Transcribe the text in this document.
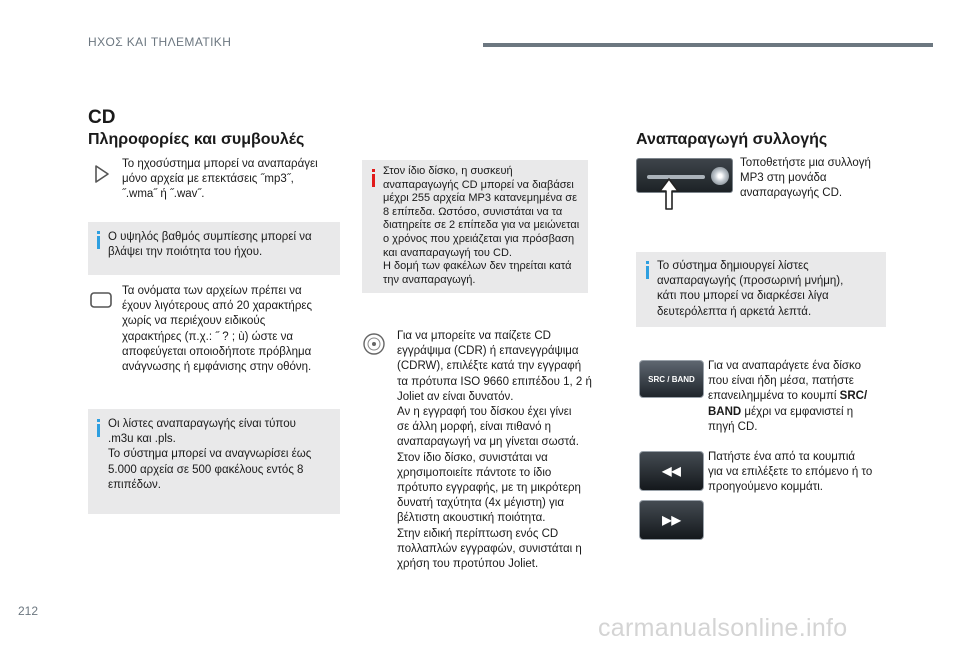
ΗΧΟΣ ΚΑΙ ΤΗΛΕΜΑΤΙΚΗ
212
CD
Πληροφορίες και συμβουλές
Το ηχοσύστημα μπορεί να αναπαράγει
μόνο αρχεία με επεκτάσεις ˝mp3˝,
˝.wma˝ ή ˝.wav˝.
Ο υψηλός βαθμός συμπίεσης μπορεί να
βλάψει την ποιότητα του ήχου.
Τα ονόματα των αρχείων πρέπει να
έχουν λιγότερους από 20 χαρακτήρες
χωρίς να περιέχουν ειδικούς
χαρακτήρες (π.χ.: ˝ ? ; ù) ώστε να
αποφεύγεται οποιοδήποτε πρόβλημα
ανάγνωσης ή εμφάνισης στην οθόνη.
Οι λίστες αναπαραγωγής είναι τύπου
.m3u και .pls.
Το σύστημα μπορεί να αναγνωρίσει έως
5.000 αρχεία σε 500 φακέλους εντός 8
επιπέδων.
Στον ίδιο δίσκο, η συσκευή
αναπαραγωγής CD μπορεί να διαβάσει
μέχρι 255 αρχεία MP3 κατανεμημένα σε
8 επίπεδα. Ωστόσο, συνιστάται να τα
διατηρείτε σε 2 επίπεδα για να μειώνεται
ο χρόνος που χρειάζεται για πρόσβαση
και αναπαραγωγή του CD.
Η δομή των φακέλων δεν τηρείται κατά
την αναπαραγωγή.
Για να μπορείτε να παίζετε CD
εγγράψιμα (CDR) ή επανεγγράψιμα
(CDRW), επιλέξτε κατά την εγγραφή
τα πρότυπα ISO 9660 επιπέδου 1, 2 ή
Joliet αν είναι δυνατόν.
Αν η εγγραφή του δίσκου έχει γίνει
σε άλλη μορφή, είναι πιθανό η
αναπαραγωγή να μη γίνεται σωστά.
Στον ίδιο δίσκο, συνιστάται να
χρησιμοποιείτε πάντοτε το ίδιο
πρότυπο εγγραφής, με τη μικρότερη
δυνατή ταχύτητα (4x μέγιστη) για
βέλτιστη ακουστική ποιότητα.
Στην ειδική περίπτωση ενός CD
πολλαπλών εγγραφών, συνιστάται η
χρήση του προτύπου Joliet.
Αναπαραγωγή συλλογής
Τοποθετήστε μια συλλογή
MP3 στη μονάδα
αναπαραγωγής CD.
Το σύστημα δημιουργεί λίστες
αναπαραγωγής (προσωρινή μνήμη),
κάτι που μπορεί να διαρκέσει λίγα
δευτερόλεπτα ή αρκετά λεπτά.
SRC / BAND
Για να αναπαράγετε ένα δίσκο
που είναι ήδη μέσα, πατήστε
επανειλημμένα το κουμπί SRC/
BAND μέχρι να εμφανιστεί η
πηγή CD.
◀◀
▶▶
Πατήστε ένα από τα κουμπιά
για να επιλέξετε το επόμενο ή το
προηγούμενο κομμάτι.
carmanualsonline.info
